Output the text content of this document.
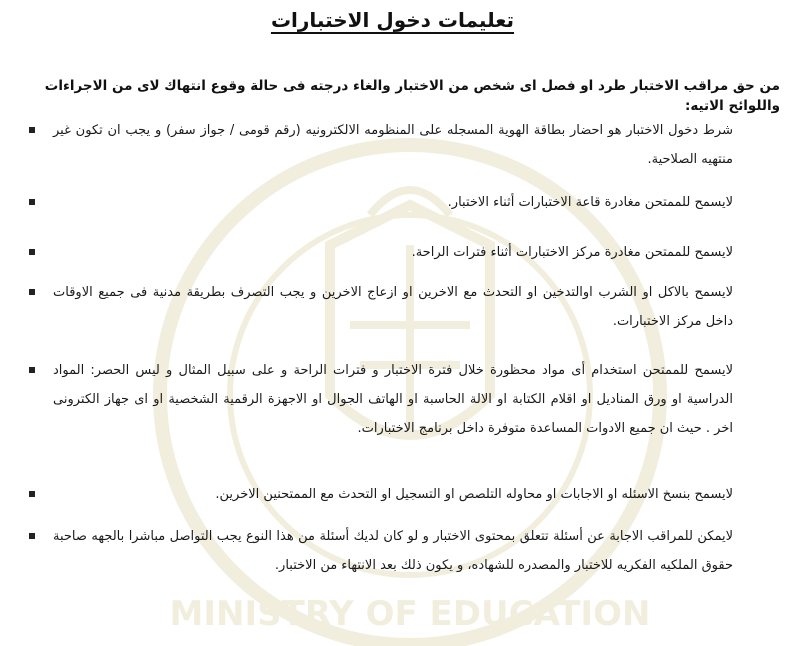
MINISTRY OF EDUCATION
تعليمات دخول الاختبارات
من حق مراقب الاختبار طرد او فصل اى شخص من الاختبار والغاء درجته فى حالة وقوع انتهاك لاى من الاجراءات واللوائح الاتيه:
شرط دخول الاختبار هو احضار بطاقة الهوية المسجله على المنظومه الالكترونيه (رقم قومى / جواز سفر) و يجب ان تكون غير منتهيه الصلاحية.
لايسمح للممتحن مغادرة قاعة الاختبارات أثناء الاختبار.
لايسمح للممتحن مغادرة مركز الاختبارات أثناء فترات الراحة.
لايسمح بالاكل او الشرب اوالتدخين او التحدث مع الاخرين او ازعاج الاخرين و يجب التصرف بطريقة مدنية فى جميع الاوقات داخل مركز الاختبارات.
لايسمح للممتحن استخدام أى مواد محظورة خلال فترة الاختبار و فترات الراحة و على سبيل المثال و ليس الحصر: المواد الدراسية او ورق المناديل او اقلام الكتابة او الالة الحاسبة او الهاتف الجوال او الاجهزة الرقمية الشخصية او اى جهاز الكترونى اخر . حيث ان جميع الادوات المساعدة متوفرة داخل برنامج الاختبارات.
لايسمح بنسخ الاسئله او الاجابات او محاوله التلصص او التسجيل او التحدث مع الممتحنين الاخرين.
لايمكن للمراقب الاجابة عن أسئلة تتعلق بمحتوى الاختبار و لو كان لديك أسئلة من هذا النوع يجب التواصل مباشرا بالجهه صاحبة حقوق الملكيه الفكريه للاختبار والمصدره للشهاده، و يكون ذلك بعد الانتهاء من الاختبار.
